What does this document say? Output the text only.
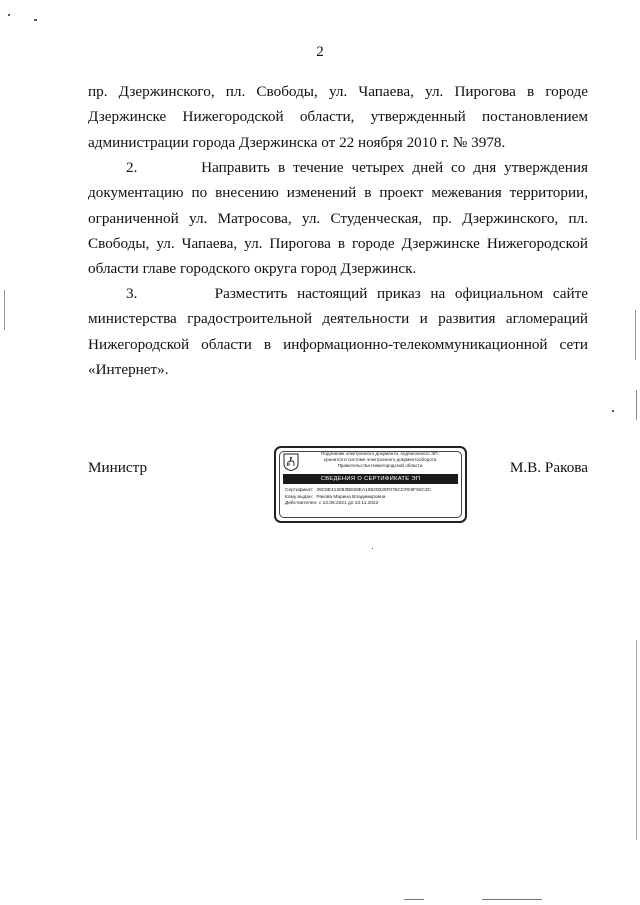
2

пр. Дзержинского, пл. Свободы, ул. Чапаева, ул. Пирогова в городе Дзержинске Нижегородской области, утвержденный постановлением администрации города Дзержинска от 22 ноября 2010 г. № 3978.

2.        Направить в течение четырех дней со дня утверждения документацию по внесению изменений в проект межевания территории, ограниченной ул. Матросова, ул. Студенческая, пр. Дзержинского, пл. Свободы, ул. Чапаева, ул. Пирогова в городе Дзержинске Нижегородской области главе городского округа город Дзержинск.

3.        Разместить настоящий приказ на официальном сайте министерства градостроительной деятельности и развития агломераций Нижегородской области в информационно-телекоммуникационной сети «Интернет».

Министр
Подлинник электронного документа, подписанного ЭП,
хранится в системе электронного документооборота
Правительства Нижегородской области
СВЕДЕНИЯ О СЕРТИФИКАТЕ ЭП
Сертификат: 39C8E413083BE59EA18520035F075CCFE9F92C3C
Кому выдан: Ракова Марина Владимировна
Действителен: с 13.08.2021 до 13.11.2022
М.В. Ракова
